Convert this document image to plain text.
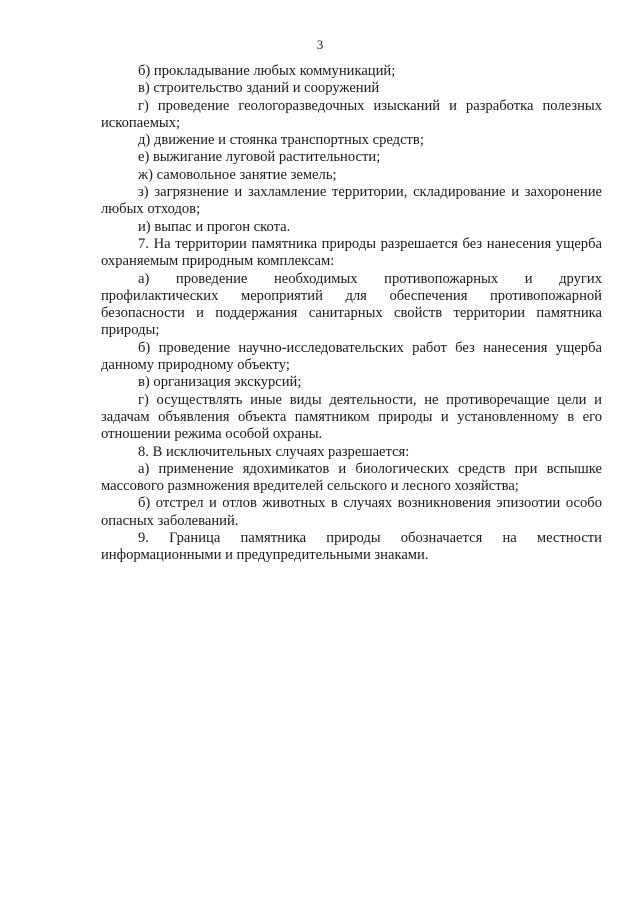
3

б) прокладывание любых коммуникаций;

в) строительство зданий и сооружений

г) проведение геологоразведочных изысканий и разработка полезных ископаемых;

д) движение и стоянка транспортных средств;

е) выжигание луговой растительности;

ж) самовольное занятие земель;

з) загрязнение и захламление территории, складирование и захоронение любых отходов;

и) выпас и прогон скота.

7. На территории памятника природы разрешается без нанесения ущерба охраняемым природным комплексам:

а) проведение необходимых противопожарных и других профилактических мероприятий для обеспечения противопожарной безопасности и поддержания санитарных свойств территории памятника природы;

б) проведение научно-исследовательских работ без нанесения ущерба данному природному объекту;

в) организация экскурсий;

г) осуществлять иные виды деятельности, не противоречащие цели и задачам объявления объекта памятником природы и установленному в его отношении режима особой охраны.

8. В исключительных случаях разрешается:

а) применение ядохимикатов и биологических средств при вспышке массового размножения вредителей сельского и лесного хозяйства;

б) отстрел и отлов животных в случаях возникновения эпизоотии особо опасных заболеваний.

9. Граница памятника природы обозначается на местности информационными и предупредительными знаками.
